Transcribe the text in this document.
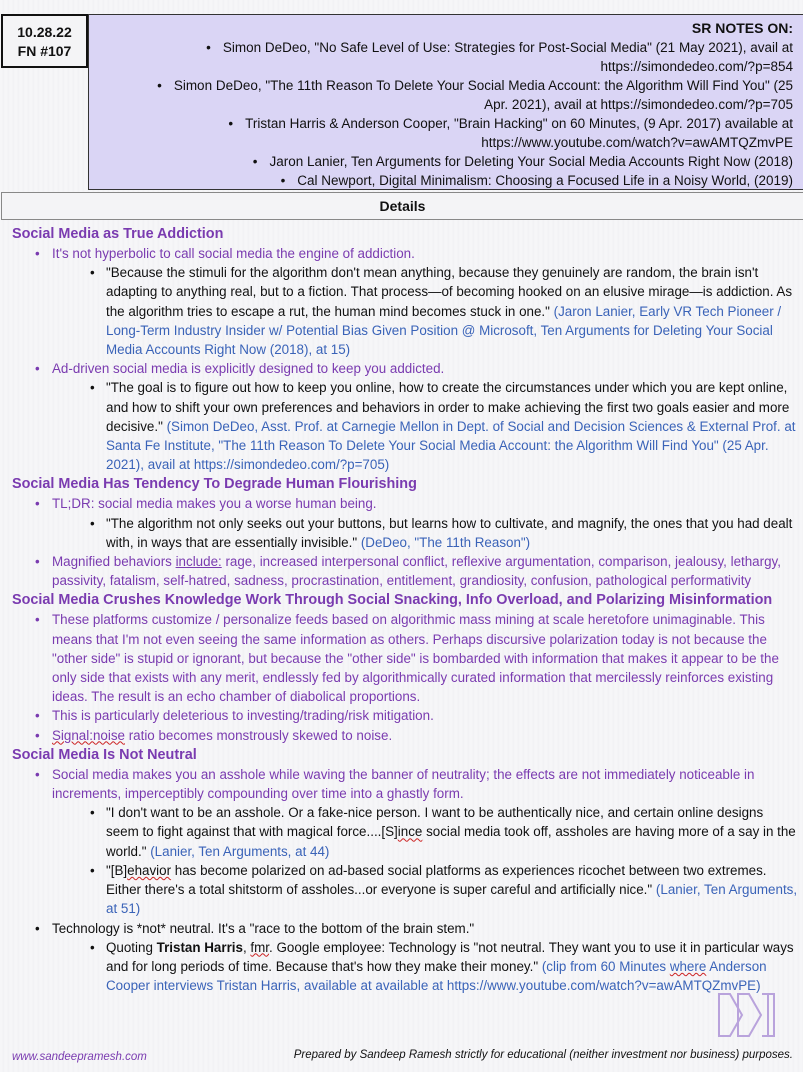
10.28.22
FN #107
SR NOTES ON:
• Simon DeDeo, "No Safe Level of Use: Strategies for Post-Social Media" (21 May 2021), avail at
https://simondedeo.com/?p=854
• Simon DeDeo, "The 11th Reason To Delete Your Social Media Account: the Algorithm Will Find You" (25
Apr. 2021), avail at https://simondedeo.com/?p=705
• Tristan Harris & Anderson Cooper, "Brain Hacking" on 60 Minutes, (9 Apr. 2017) available at
https://www.youtube.com/watch?v=awAMTQZmvPE
• Jaron Lanier, Ten Arguments for Deleting Your Social Media Accounts Right Now (2018)
• Cal Newport, Digital Minimalism: Choosing a Focused Life in a Noisy World, (2019)
Details
Social Media as True Addiction
• It's not hyperbolic to call social media the engine of addiction.
• "Because the stimuli for the algorithm don't mean anything, because they genuinely are random, the brain isn't adapting to anything real, but to a fiction. That process—of becoming hooked on an elusive mirage—is addiction. As the algorithm tries to escape a rut, the human mind becomes stuck in one." (Jaron Lanier, Early VR Tech Pioneer / Long-Term Industry Insider w/ Potential Bias Given Position @ Microsoft, Ten Arguments for Deleting Your Social Media Accounts Right Now (2018), at 15)
• Ad-driven social media is explicitly designed to keep you addicted.
• "The goal is to figure out how to keep you online, how to create the circumstances under which you are kept online, and how to shift your own preferences and behaviors in order to make achieving the first two goals easier and more decisive." (Simon DeDeo, Asst. Prof. at Carnegie Mellon in Dept. of Social and Decision Sciences & External Prof. at Santa Fe Institute, "The 11th Reason To Delete Your Social Media Account: the Algorithm Will Find You" (25 Apr. 2021), avail at https://simondedeo.com/?p=705)
Social Media Has Tendency To Degrade Human Flourishing
• TL;DR: social media makes you a worse human being.
• "The algorithm not only seeks out your buttons, but learns how to cultivate, and magnify, the ones that you had dealt with, in ways that are essentially invisible." (DeDeo, "The 11th Reason")
• Magnified behaviors include: rage, increased interpersonal conflict, reflexive argumentation, comparison, jealousy, lethargy, passivity, fatalism, self-hatred, sadness, procrastination, entitlement, grandiosity, confusion, pathological performativity
Social Media Crushes Knowledge Work Through Social Snacking, Info Overload, and Polarizing Misinformation
• These platforms customize / personalize feeds based on algorithmic mass mining at scale heretofore unimaginable. This means that I'm not even seeing the same information as others. Perhaps discursive polarization today is not because the "other side" is stupid or ignorant, but because the "other side" is bombarded with information that makes it appear to be the only side that exists with any merit, endlessly fed by algorithmically curated information that mercilessly reinforces existing ideas. The result is an echo chamber of diabolical proportions.
• This is particularly deleterious to investing/trading/risk mitigation.
• Signal:noise ratio becomes monstrously skewed to noise.
Social Media Is Not Neutral
• Social media makes you an asshole while waving the banner of neutrality; the effects are not immediately noticeable in increments, imperceptibly compounding over time into a ghastly form.
• "I don't want to be an asshole. Or a fake-nice person. I want to be authentically nice, and certain online designs seem to fight against that with magical force....[S]ince social media took off, assholes are having more of a say in the world." (Lanier, Ten Arguments, at 44)
• "[B]ehavior has become polarized on ad-based social platforms as experiences ricochet between two extremes. Either there's a total shitstorm of assholes...or everyone is super careful and artificially nice." (Lanier, Ten Arguments, at 51)
• Technology is *not* neutral. It's a "race to the bottom of the brain stem."
• Quoting Tristan Harris, fmr. Google employee: Technology is "not neutral. They want you to use it in particular ways and for long periods of time. Because that's how they make their money." (clip from 60 Minutes where Anderson Cooper interviews Tristan Harris, available at available at https://www.youtube.com/watch?v=awAMTQZmvPE)
www.sandeepramesh.com	Prepared by Sandeep Ramesh strictly for educational (neither investment nor business) purposes.
